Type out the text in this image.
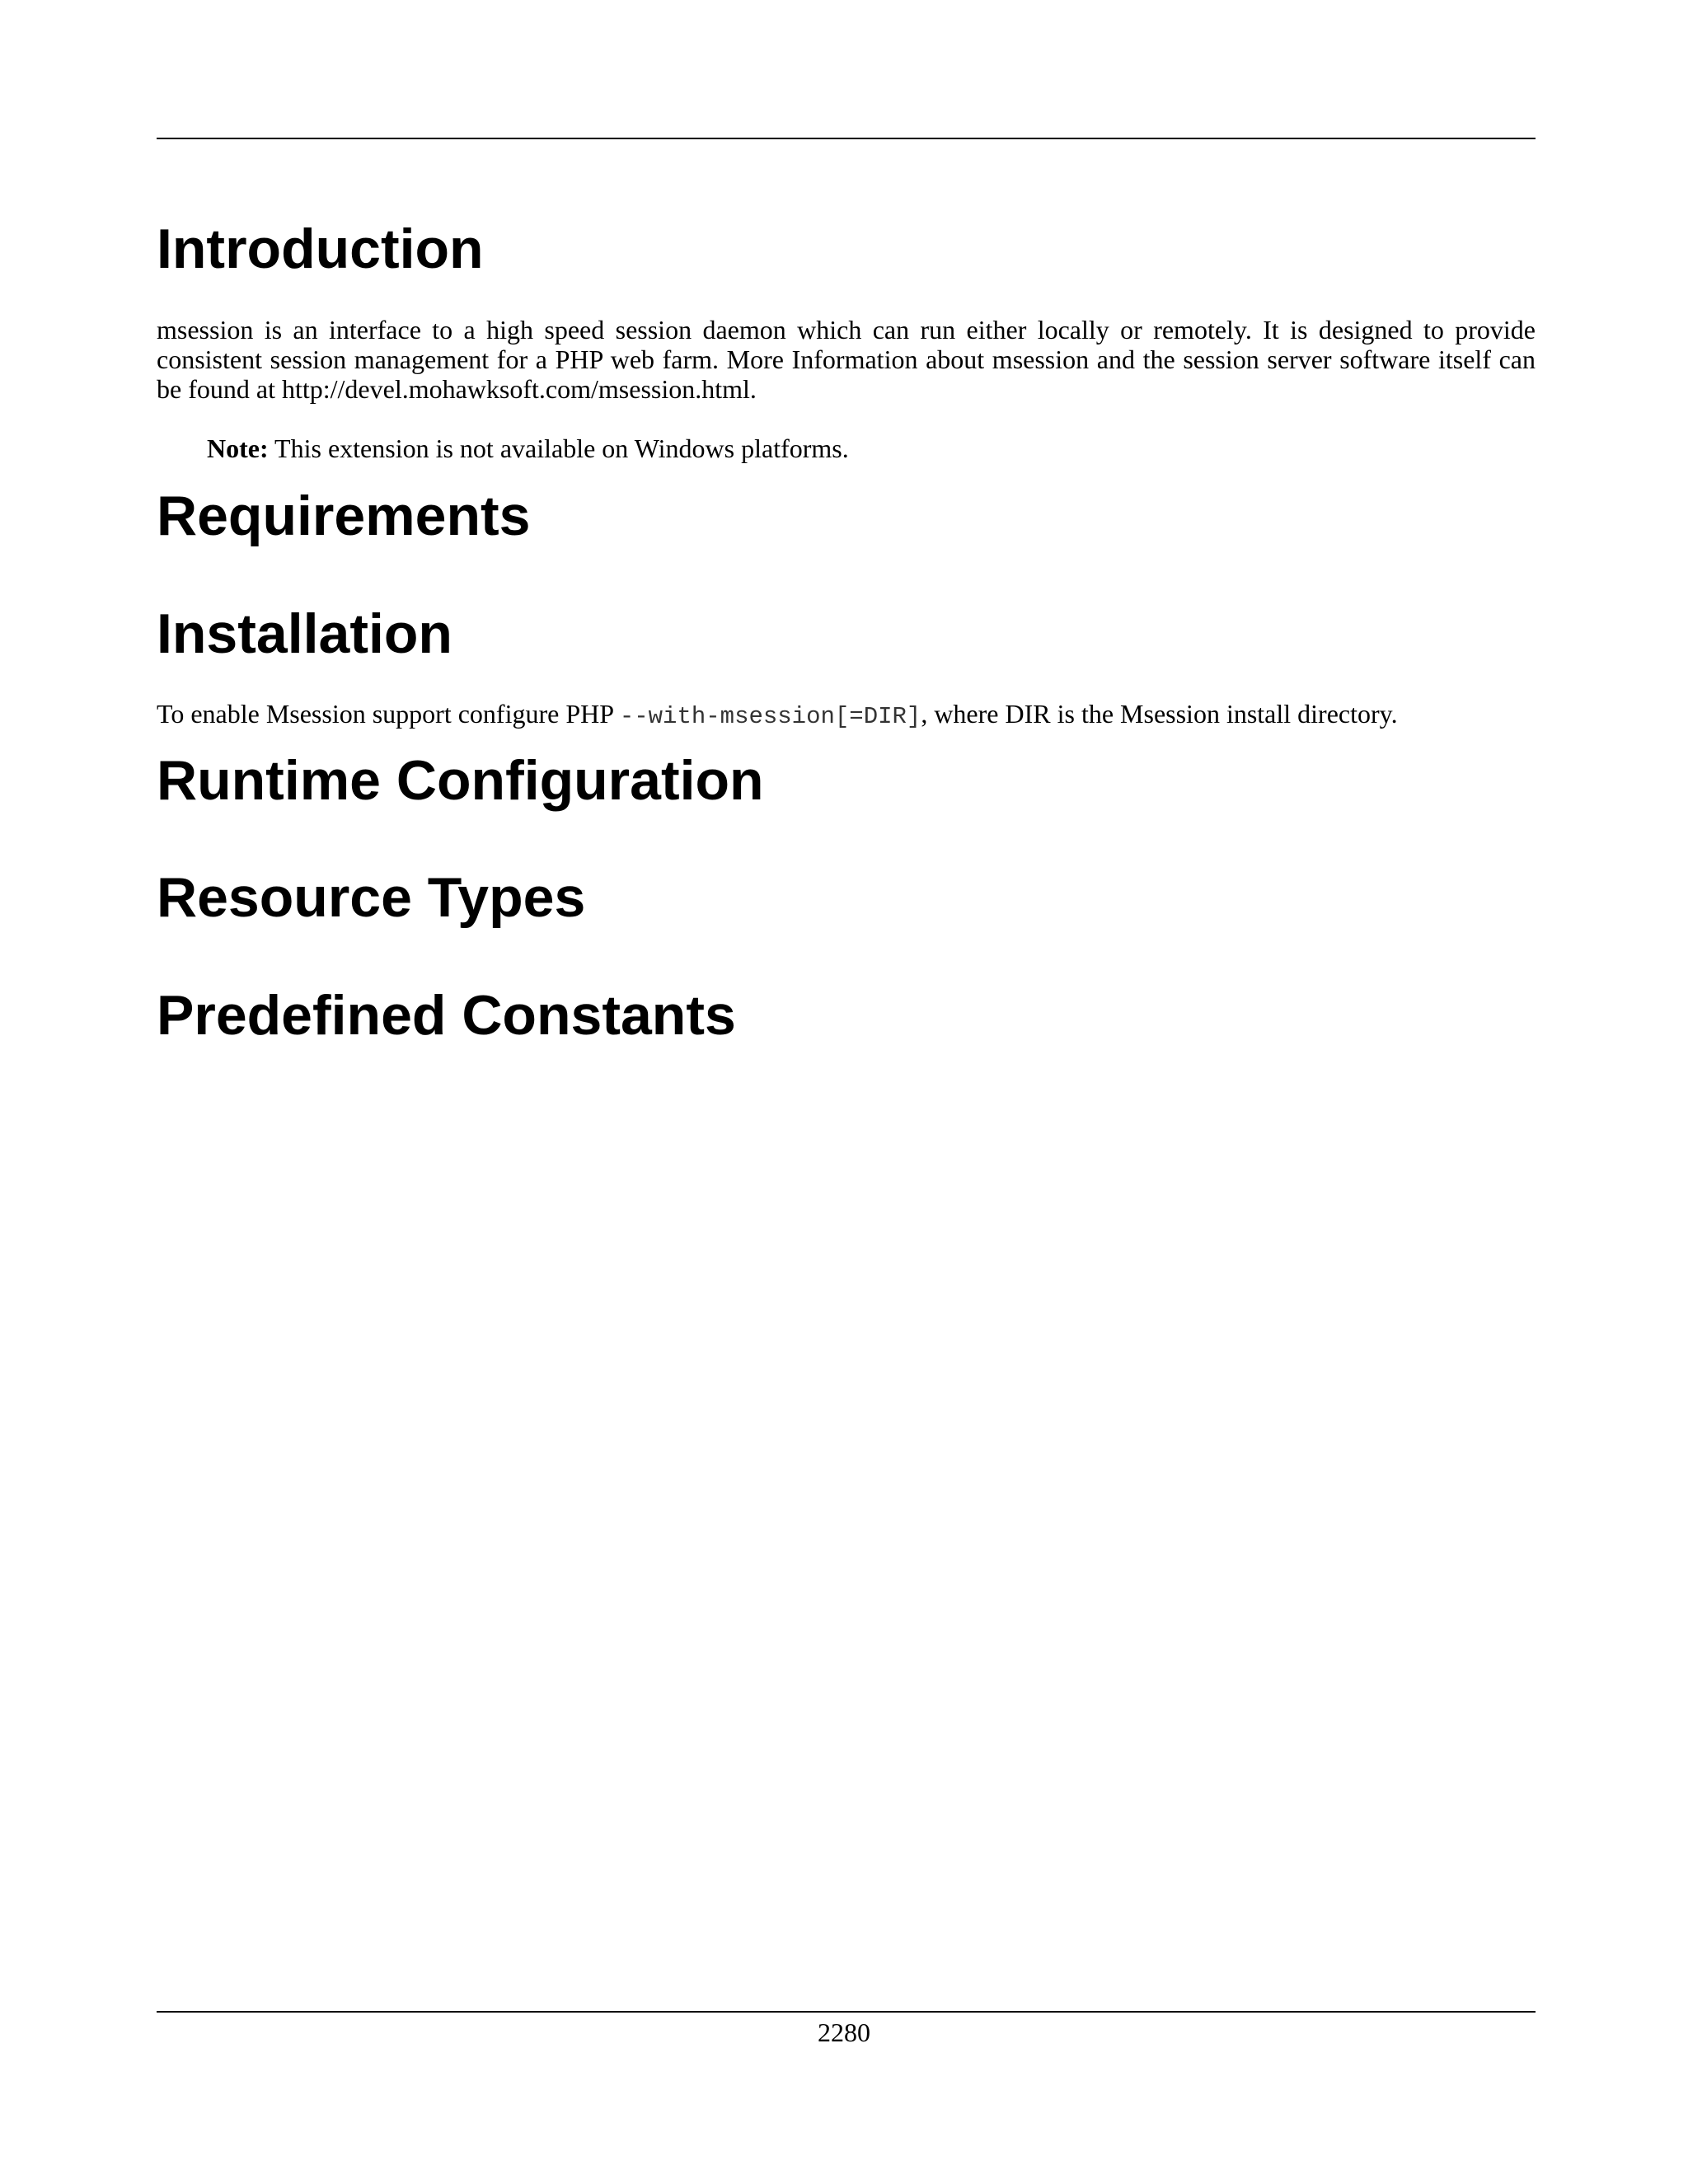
Introduction

msession is an interface to a high speed session daemon which can run either locally or remotely. It is designed to provide consistent session management for a PHP web farm. More Information about msession and the session server software itself can be found at http://devel.mohawksoft.com/msession.html.

Note: This extension is not available on Windows platforms.

Requirements
Installation

To enable Msession support configure PHP --with-msession[=DIR], where DIR is the Msession install directory.

Runtime Configuration
Resource Types
Predefined Constants
2280
